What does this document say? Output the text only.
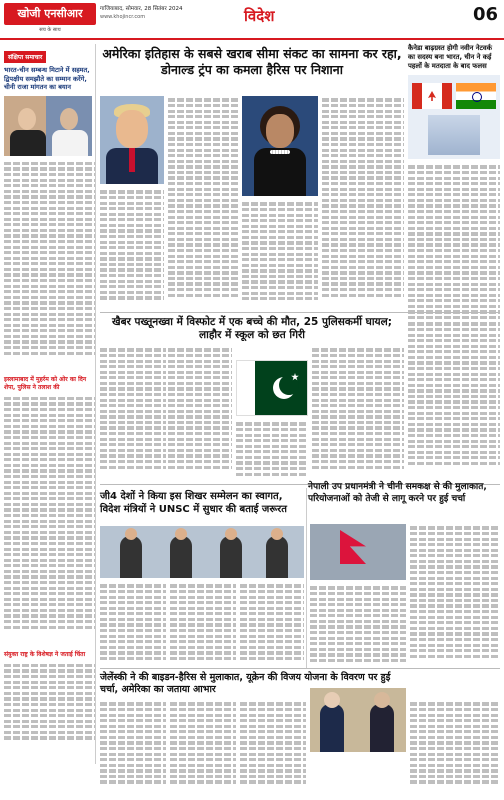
खोजी एनसीआर
सच के साथ
गाजियाबाद, सोमवार, 28 सितंबर 2024
www.khojincr.com	विदेश	06
संक्षिप्त समाचार
भारत-चीन सम्बन्ध मिटाने में सहमत, द्विपक्षीय समझौते का सम्मान करेंगे, चीनी राजा मांगतन का बयान
इस्लामाबाद में मुहर्रम को ओर का दिन शेपा, पुलिस ने तलाश की
संयुक्त राष्ट्र के विशेषज्ञ ने जताई चिंता
अमेरिका इतिहास के सबसे खराब सीमा संकट का सामना कर रहा, डोनाल्ड ट्रंप का कमला हैरिस पर निशाना
कैनेडा बाढ़ग्रस्त होगी नवीन नेटवर्क का सदस्य बना भारत, चीन ने कई पहलों के मतदाता के बाद फलस
खैबर पख्तूनख्वा में विस्फोट में एक बच्चे की मौत, 25 पुलिसकर्मी घायल; लाहौर में स्कूल को छत गिरी
जी4 देशों ने किया इस शिखर सम्मेलन का स्वागत, विदेश मंत्रियों ने UNSC में सुधार की बताई जरूरत
नेपाली उप प्रधानमंत्री ने चीनी समकक्ष से की मुलाकात, परियोजनाओं को तेजी से लागू करने पर हुई चर्चा
जेलेंस्की ने की बाइडन-हैरिस से मुलाकात, यूक्रेन की विजय योजना के विवरण पर हुई चर्चा, अमेरिका का जताया आभार
